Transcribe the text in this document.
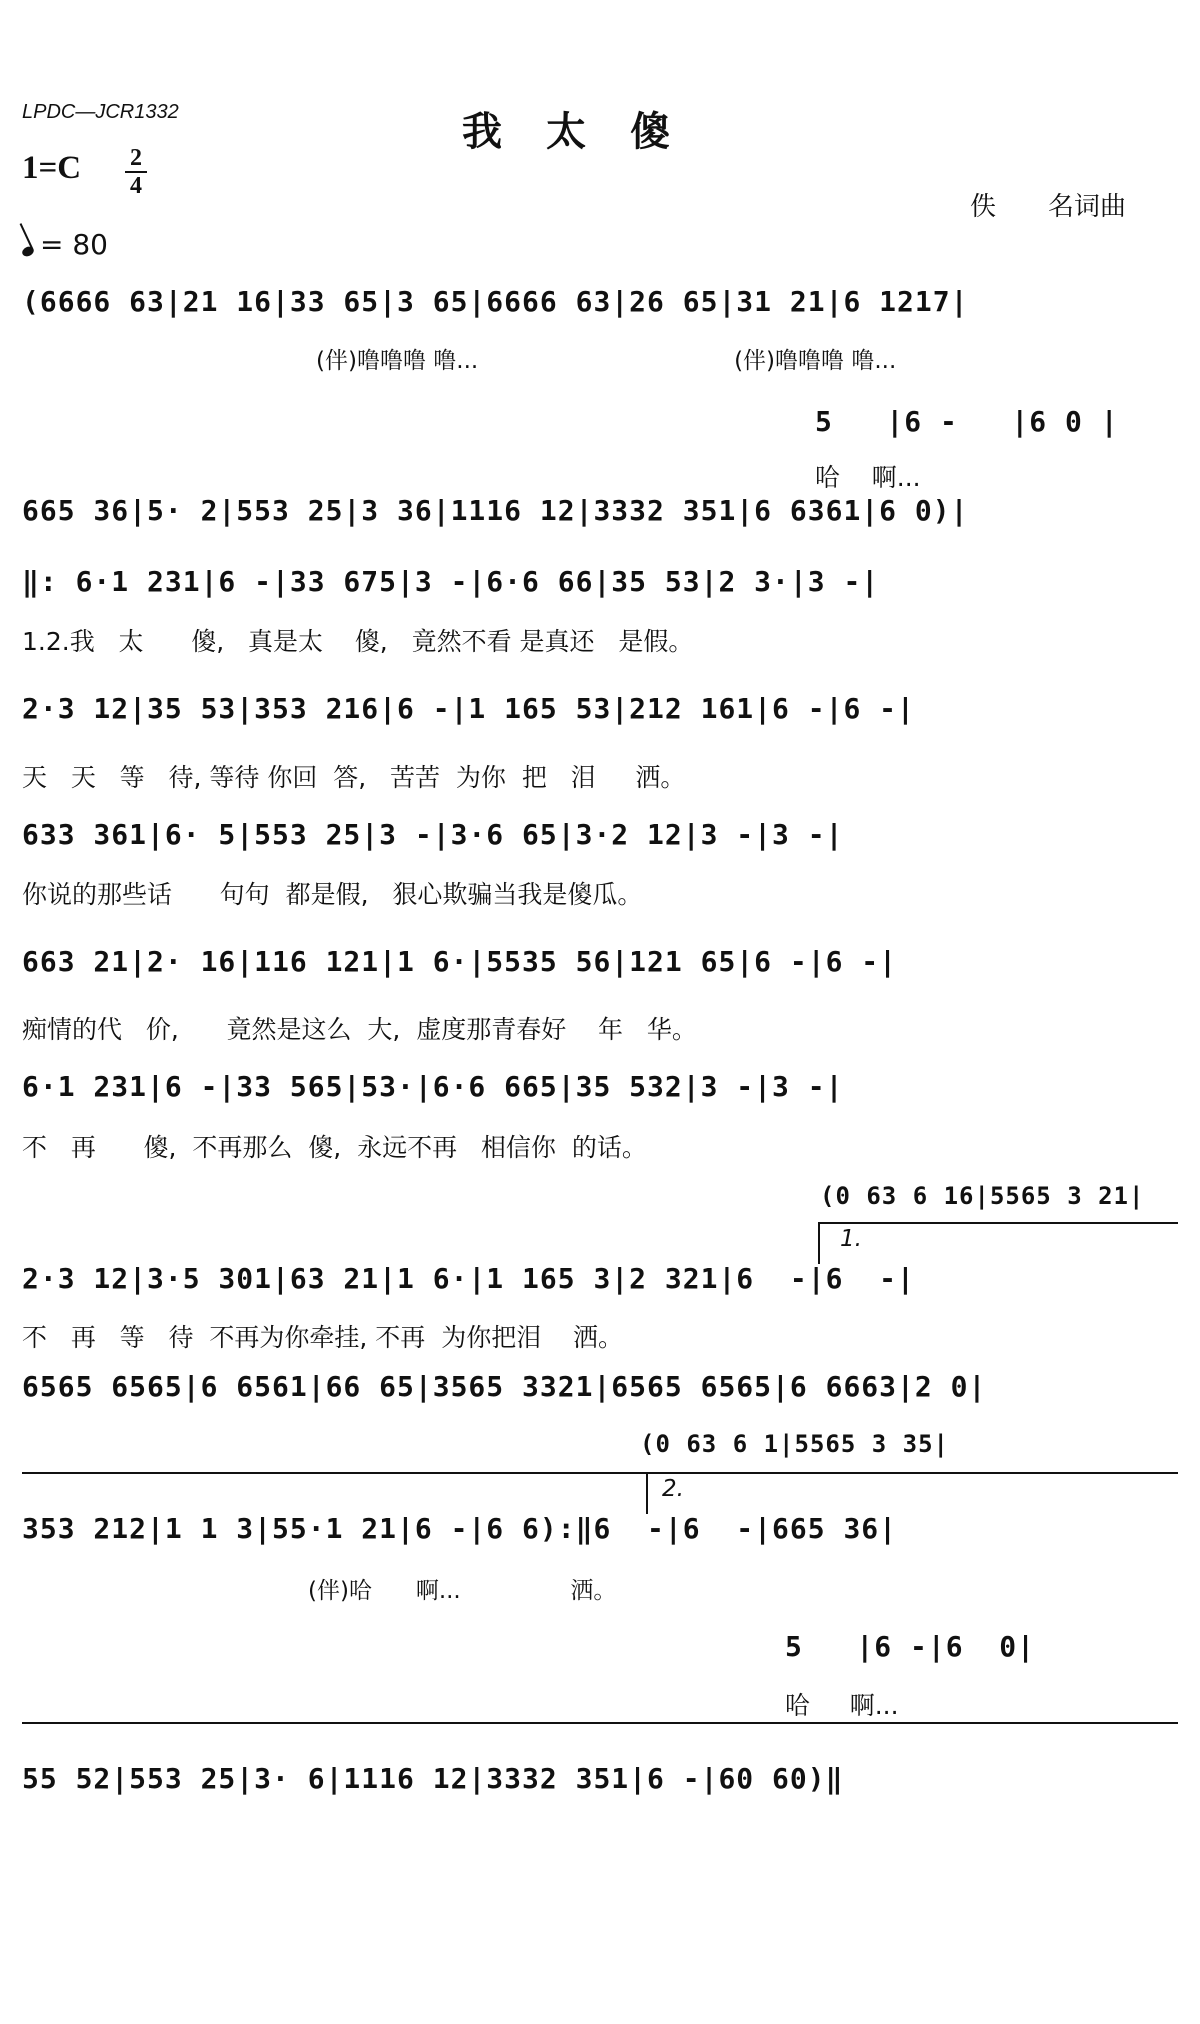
LPDC—JCR1332	我太傻
1=C 2
4
= 80
佚 名词曲
(6666 63|21 16|33 65|3 65|6666 63|26 65|31 21|6 1217|
(伴)噜噜噜 噜...                                   (伴)噜噜噜 噜...
5   |6 -   |6 0 |
哈    啊...
665 36|5· 2|553 25|3 36|1116 12|3332 351|6 6361|6 0)|
‖: 6·1 231|6 -|33 675|3 -|6·6 66|35 53|2 3·|3 -|
1.2.我   太      傻,   真是太    傻,   竟然不看 是真还   是假。
2·3 12|35 53|353 216|6 -|1 165 53|212 161|6 -|6 -|
天   天   等   待, 等待 你回  答,   苦苦  为你  把   泪     洒。
633 361|6· 5|553 25|3 -|3·6 65|3·2 12|3 -|3 -|
你说的那些话      句句  都是假,   狠心欺骗当我是傻瓜。
663 21|2· 16|116 121|1 6·|5535 56|121 65|6 -|6 -|
痴情的代   价,      竟然是这么  大,  虚度那青春好    年   华。
6·1 231|6 -|33 565|53·|6·6 665|35 532|3 -|3 -|
不   再      傻,  不再那么  傻,  永远不再   相信你  的话。
(0 63 6 16|5565 3 21|
1.
2·3 12|3·5 301|63 21|1 6·|1 165 3|2 321|6  -|6  -|
不   再   等   待  不再为你牵挂, 不再  为你把泪    洒。
6565 6565|6 6561|66 65|3565 3321|6565 6565|6 6663|2 0|
(0 63 6 1|5565 3 35|
2.
353 212|1 1 3|55·1 21|6 -|6 6):‖6  -|6  -|665 36|
(伴)哈      啊...               洒。
5   |6 -|6  0|
哈     啊...
55 52|553 25|3· 6|1116 12|3332 351|6 -|60 60)‖
